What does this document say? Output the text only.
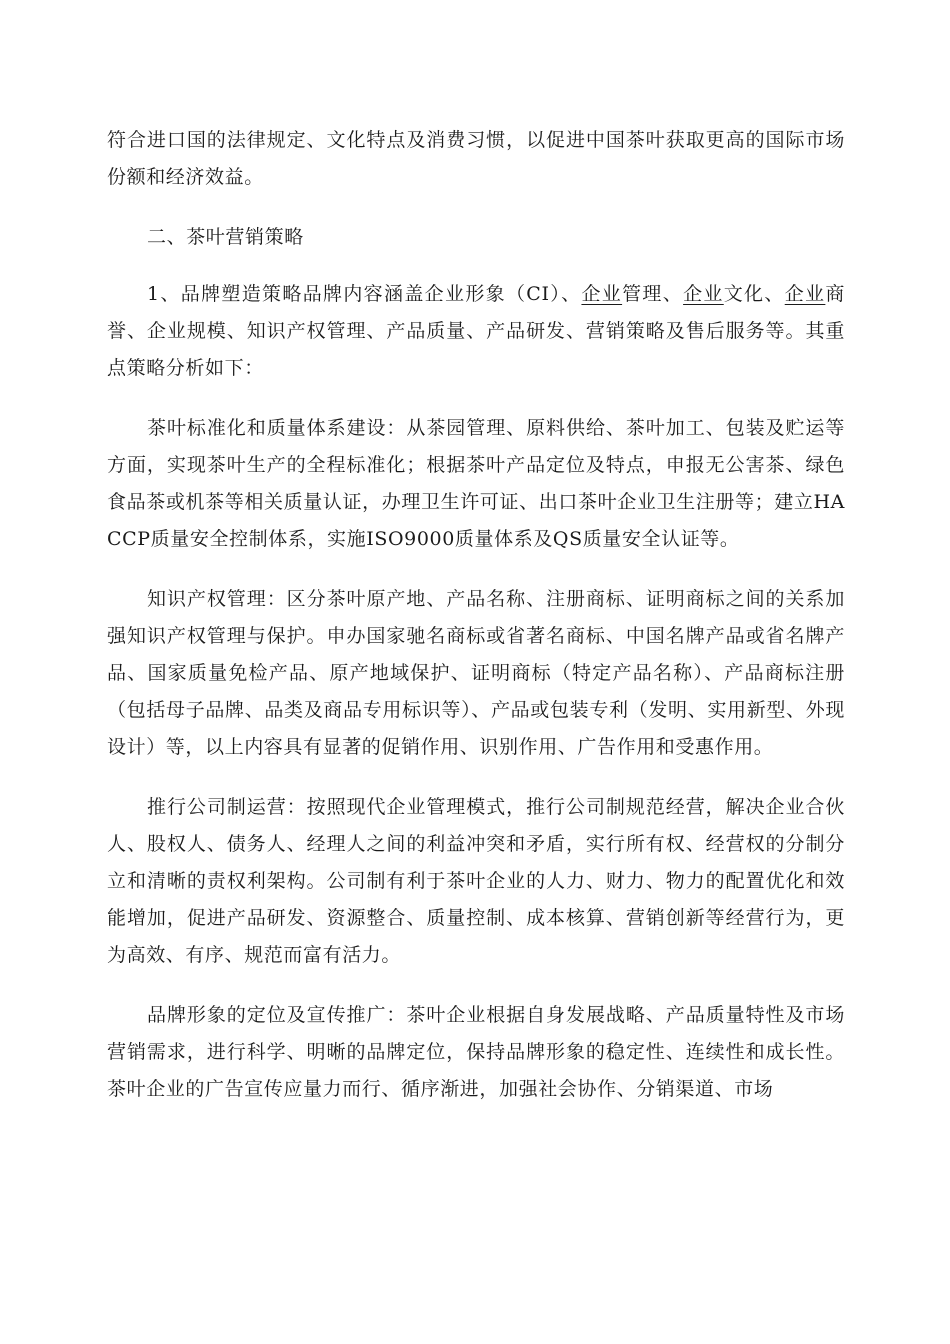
符合进口国的法律规定、文化特点及消费习惯，以促进中国茶叶获取更高的国际市场份额和经济效益。

二、茶叶营销策略

1、品牌塑造策略品牌内容涵盖企业形象（CI）、企业管理、企业文化、企业商誉、企业规模、知识产权管理、产品质量、产品研发、营销策略及售后服务等。其重点策略分析如下：

茶叶标准化和质量体系建设：从茶园管理、原料供给、茶叶加工、包装及贮运等方面，实现茶叶生产的全程标准化；根据茶叶产品定位及特点，申报无公害茶、绿色食品茶或机茶等相关质量认证，办理卫生许可证、出口茶叶企业卫生注册等；建立HACCP质量安全控制体系，实施ISO9000质量体系及QS质量安全认证等。

知识产权管理：区分茶叶原产地、产品名称、注册商标、证明商标之间的关系加强知识产权管理与保护。申办国家驰名商标或省著名商标、中国名牌产品或省名牌产品、国家质量免检产品、原产地域保护、证明商标（特定产品名称）、产品商标注册（包括母子品牌、品类及商品专用标识等）、产品或包装专利（发明、实用新型、外现设计）等，以上内容具有显著的促销作用、识别作用、广告作用和受惠作用。

推行公司制运营：按照现代企业管理模式，推行公司制规范经营，解决企业合伙人、股权人、债务人、经理人之间的利益冲突和矛盾，实行所有权、经营权的分制分立和清晰的责权利架构。公司制有利于茶叶企业的人力、财力、物力的配置优化和效能增加，促进产品研发、资源整合、质量控制、成本核算、营销创新等经营行为，更为高效、有序、规范而富有活力。

品牌形象的定位及宣传推广：茶叶企业根据自身发展战略、产品质量特性及市场营销需求，进行科学、明晰的品牌定位，保持品牌形象的稳定性、连续性和成长性。茶叶企业的广告宣传应量力而行、循序渐进，加强社会协作、分销渠道、市场
